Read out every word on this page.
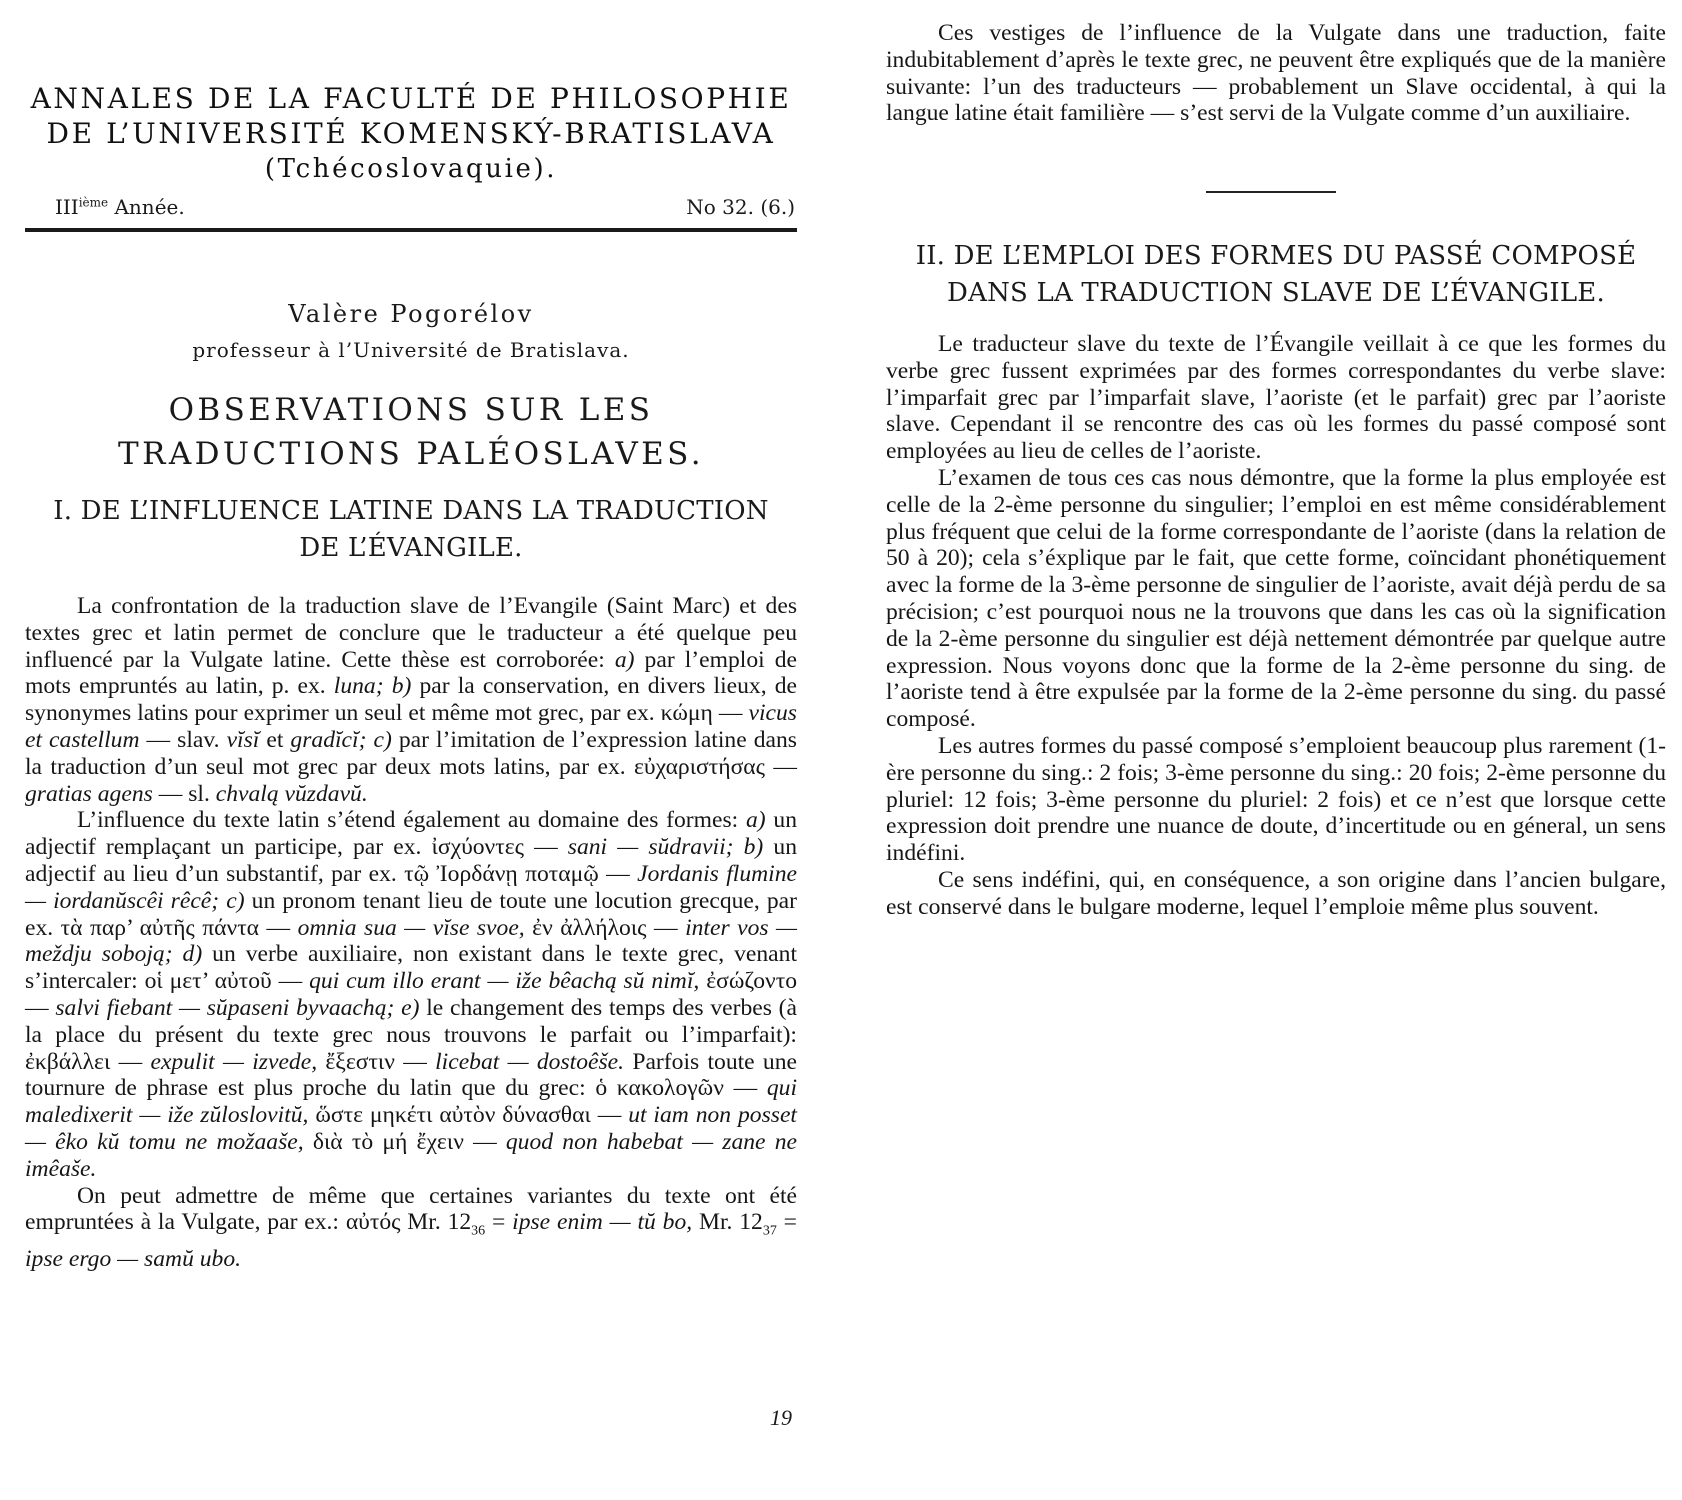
ANNALES DE LA FACULTÉ DE PHILOSOPHIE
DE L’UNIVERSITÉ KOMENSKÝ-BRATISLAVA
(Tchécoslovaquie).
IIIième Année.	No 32. (6.)
Valère Pogorélov
professeur à l’Université de Bratislava.
OBSERVATIONS SUR LES TRADUCTIONS PALÉOSLAVES.
I. DE L’INFLUENCE LATINE DANS LA TRADUCTION DE L’ÉVANGILE.

La confrontation de la traduction slave de l’Evangile (Saint Marc) et des textes grec et latin permet de conclure que le traducteur a été quelque peu influencé par la Vulgate latine. Cette thèse est corroborée: a) par l’emploi de mots empruntés au latin, p. ex. luna; b) par la conservation, en divers lieux, de synonymes latins pour exprimer un seul et même mot grec, par ex. κώμη — vicus et castellum — slav. vĭsĭ et gradĭcĭ; c) par l’imitation de l’expression latine dans la traduction d’un seul mot grec par deux mots latins, par ex. εὐχαριστήσας — gratias agens — sl. chvalą vŭzdavŭ.

L’influence du texte latin s’étend également au domaine des formes: a) un adjectif remplaçant un participe, par ex. ἰσχύοντες — sani — sŭdravii; b) un adjectif au lieu d’un substantif, par ex. τῷ Ἰορδάνῃ ποταμῷ — Jordanis flumine — iordanŭscêi rêcê; c) un pronom tenant lieu de toute une locution grecque, par ex. τὰ παρ’ αὐτῆς πάντα — omnia sua — vĭse svoe, ἐν ἀλλήλοις — inter vos — meždju soboją; d) un verbe auxiliaire, non existant dans le texte grec, venant s’intercaler: οἱ μετ’ αὐτοῦ — qui cum illo erant — iže bêachą sŭ nimĭ, ἐσώζοντο — salvi fiebant — sŭpaseni byvaachą; e) le changement des temps des verbes (à la place du présent du texte grec nous trouvons le parfait ou l’imparfait): ἐκβάλλει — expulit — izvede, ἔξεστιν — licebat — dostoêše. Parfois toute une tournure de phrase est plus proche du latin que du grec: ὁ κακολογῶν — qui maledixerit — iže zŭloslovitŭ, ὥστε μηκέτι αὐτὸν δύνασθαι — ut iam non posset — êko kŭ tomu ne možaaše, διὰ τὸ μή ἔχειν — quod non habebat — zane ne imêaše.

On peut admettre de même que certaines variantes du texte ont été empruntées à la Vulgate, par ex.: αὐτός Mr. $12_{36}$ = ipse enim — tŭ bo, Mr. $12_{37}$ = ipse ergo — samŭ ubo.

Ces vestiges de l’influence de la Vulgate dans une traduction, faite indubitablement d’après le texte grec, ne peuvent être expliqués que de la manière suivante: l’un des traducteurs — probablement un Slave occidental, à qui la langue latine était familière — s’est servi de la Vulgate comme d’un auxiliaire.

II. DE L’EMPLOI DES FORMES DU PASSÉ COMPOSÉ DANS LA TRADUCTION SLAVE DE L’ÉVANGILE.

Le traducteur slave du texte de l’Évangile veillait à ce que les formes du verbe grec fussent exprimées par des formes correspondantes du verbe slave: l’imparfait grec par l’imparfait slave, l’aoriste (et le parfait) grec par l’aoriste slave. Cependant il se rencontre des cas où les formes du passé composé sont employées au lieu de celles de l’aoriste.

L’examen de tous ces cas nous démontre, que la forme la plus employée est celle de la 2-ème personne du singulier; l’emploi en est même considérablement plus fréquent que celui de la forme correspondante de l’aoriste (dans la relation de 50 à 20); cela s’éxplique par le fait, que cette forme, coïncidant phonétiquement avec la forme de la 3-ème personne de singulier de l’aoriste, avait déjà perdu de sa précision; c’est pourquoi nous ne la trouvons que dans les cas où la signification de la 2-ème personne du singulier est déjà nettement démontrée par quelque autre expression. Nous voyons donc que la forme de la 2-ème personne du sing. de l’aoriste tend à être expulsée par la forme de la 2-ème personne du sing. du passé composé.

Les autres formes du passé composé s’emploient beaucoup plus rarement (1-ère personne du sing.: 2 fois; 3-ème personne du sing.: 20 fois; 2-ème personne du pluriel: 12 fois; 3-ème personne du pluriel: 2 fois) et ce n’est que lorsque cette expression doit prendre une nuance de doute, d’incertitude ou en géneral, un sens indéfini.

Ce sens indéfini, qui, en conséquence, a son origine dans l’ancien bulgare, est conservé dans le bulgare moderne, lequel l’emploie même plus souvent.

19
